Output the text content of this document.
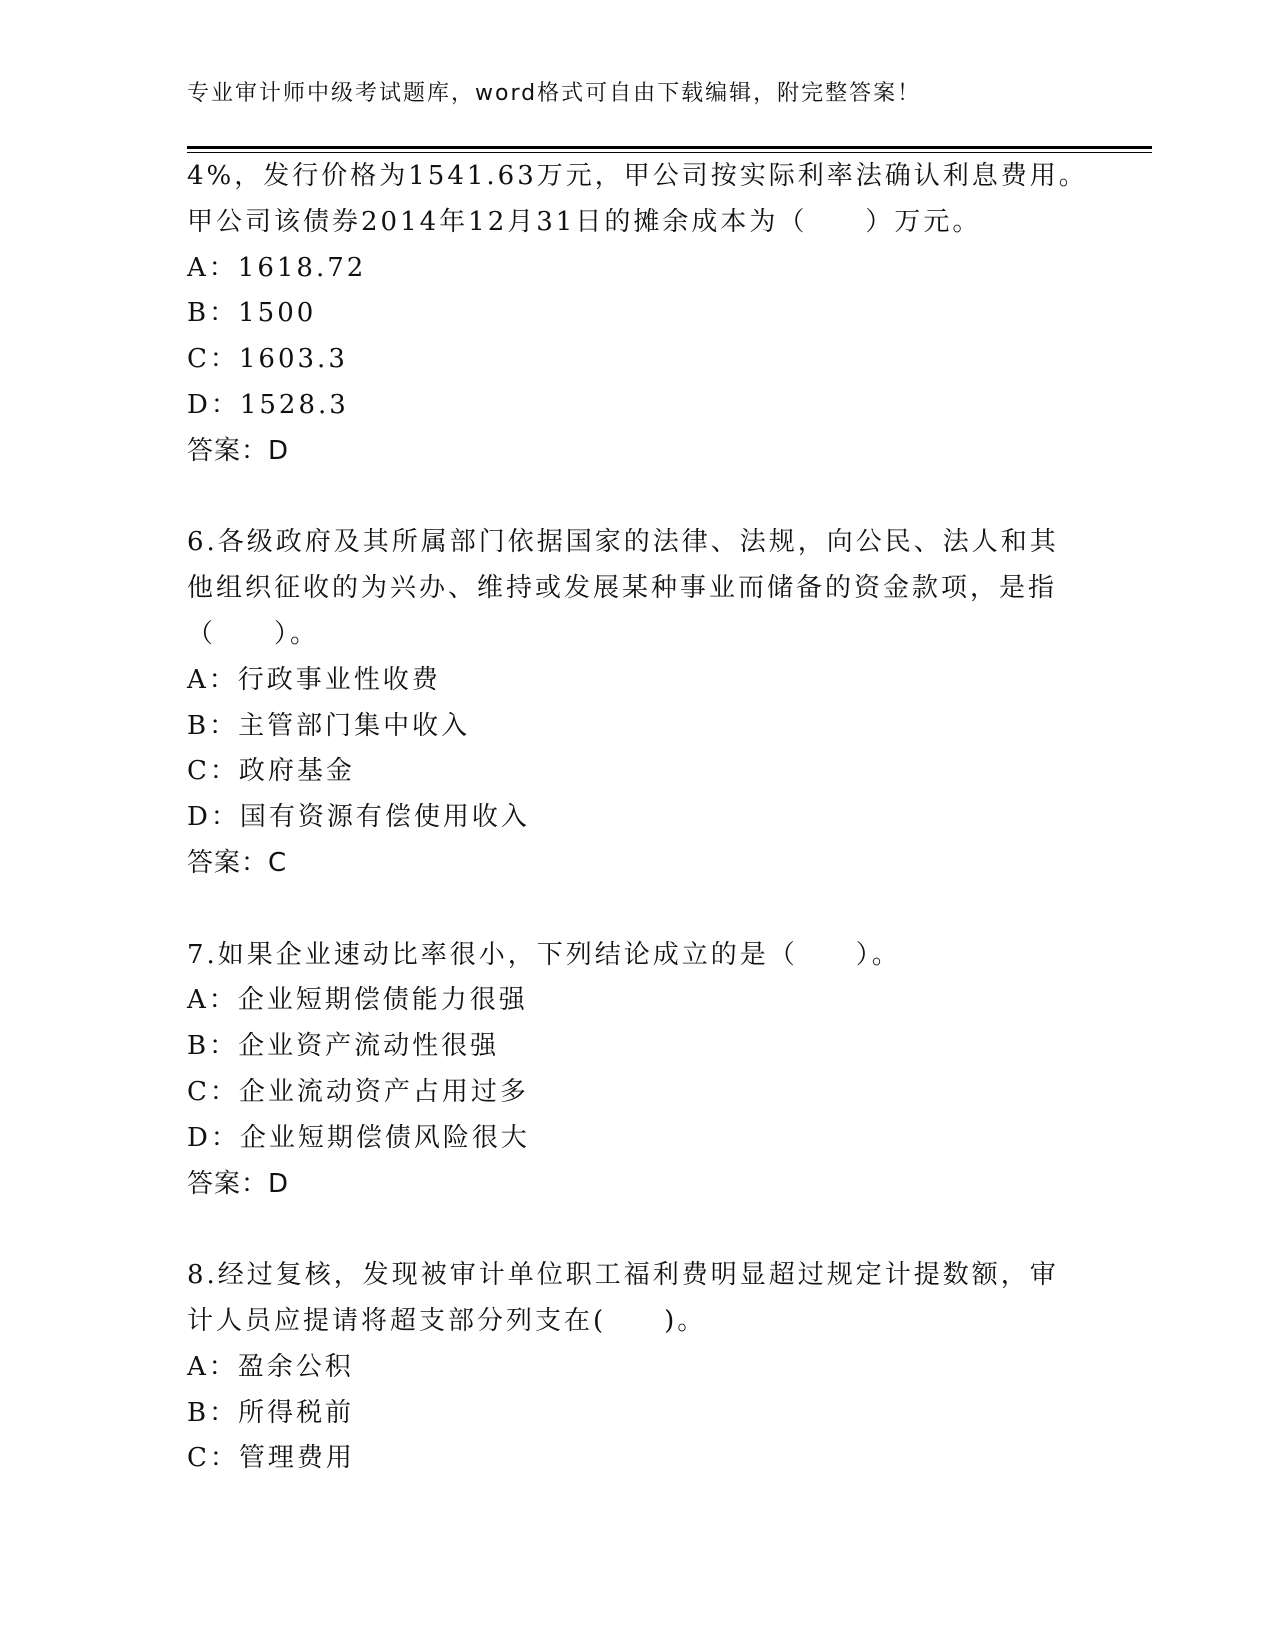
专业审计师中级考试题库，word格式可自由下载编辑，附完整答案！
4%，发行价格为1541.63万元，甲公司按实际利率法确认利息费用。
甲公司该债券2014年12月31日的摊余成本为（　　）万元。
A：1618.72
B：1500
C：1603.3
D：1528.3
答案：D
6.各级政府及其所属部门依据国家的法律、法规，向公民、法人和其
他组织征收的为兴办、维持或发展某种事业而储备的资金款项，是指
（　　）。
A：行政事业性收费
B：主管部门集中收入
C：政府基金
D：国有资源有偿使用收入
答案：C
7.如果企业速动比率很小，下列结论成立的是（　　）。
A：企业短期偿债能力很强
B：企业资产流动性很强
C：企业流动资产占用过多
D：企业短期偿债风险很大
答案：D
8.经过复核，发现被审计单位职工福利费明显超过规定计提数额，审
计人员应提请将超支部分列支在(　　)。
A：盈余公积
B：所得税前
C：管理费用
